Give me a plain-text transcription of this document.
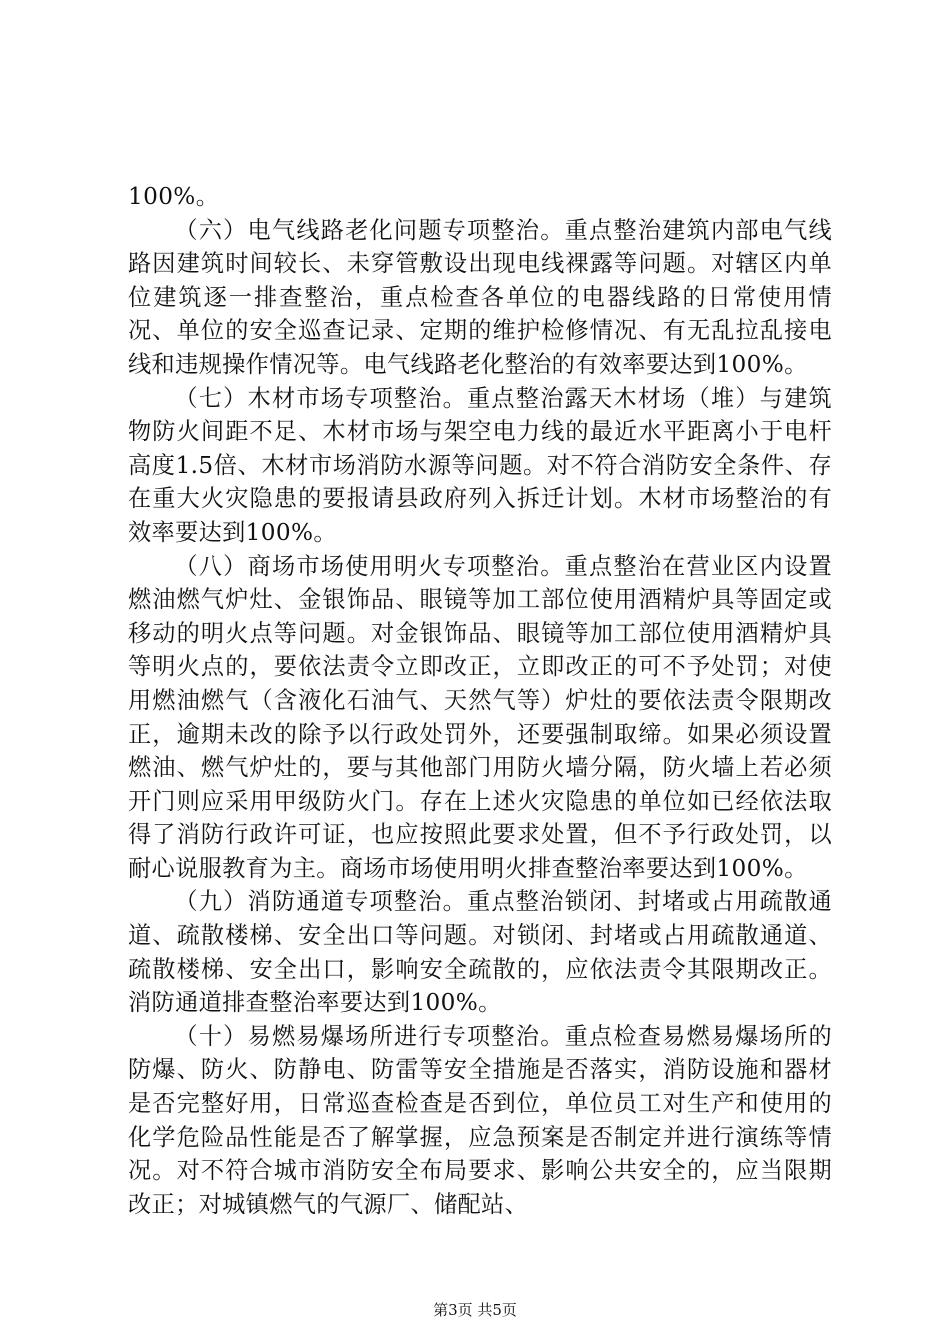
100%。

（六）电气线路老化问题专项整治。重点整治建筑内部电气线路因建筑时间较长、未穿管敷设出现电线裸露等问题。对辖区内单位建筑逐一排查整治，重点检查各单位的电器线路的日常使用情况、单位的安全巡查记录、定期的维护检修情况、有无乱拉乱接电线和违规操作情况等。电气线路老化整治的有效率要达到100%。

（七）木材市场专项整治。重点整治露天木材场（堆）与建筑物防火间距不足、木材市场与架空电力线的最近水平距离小于电杆高度1.5倍、木材市场消防水源等问题。对不符合消防安全条件、存在重大火灾隐患的要报请县政府列入拆迁计划。木材市场整治的有效率要达到100%。

（八）商场市场使用明火专项整治。重点整治在营业区内设置燃油燃气炉灶、金银饰品、眼镜等加工部位使用酒精炉具等固定或移动的明火点等问题。对金银饰品、眼镜等加工部位使用酒精炉具等明火点的，要依法责令立即改正，立即改正的可不予处罚；对使用燃油燃气（含液化石油气、天然气等）炉灶的要依法责令限期改正，逾期未改的除予以行政处罚外，还要强制取缔。如果必须设置燃油、燃气炉灶的，要与其他部门用防火墙分隔，防火墙上若必须开门则应采用甲级防火门。存在上述火灾隐患的单位如已经依法取得了消防行政许可证，也应按照此要求处置，但不予行政处罚，以耐心说服教育为主。商场市场使用明火排查整治率要达到100%。

（九）消防通道专项整治。重点整治锁闭、封堵或占用疏散通道、疏散楼梯、安全出口等问题。对锁闭、封堵或占用疏散通道、疏散楼梯、安全出口，影响安全疏散的，应依法责令其限期改正。消防通道排查整治率要达到100%。

（十）易燃易爆场所进行专项整治。重点检查易燃易爆场所的防爆、防火、防静电、防雷等安全措施是否落实，消防设施和器材是否完整好用，日常巡查检查是否到位，单位员工对生产和使用的化学危险品性能是否了解掌握，应急预案是否制定并进行演练等情况。对不符合城市消防安全布局要求、影响公共安全的，应当限期改正；对城镇燃气的气源厂、储配站、

第3页 共5页
